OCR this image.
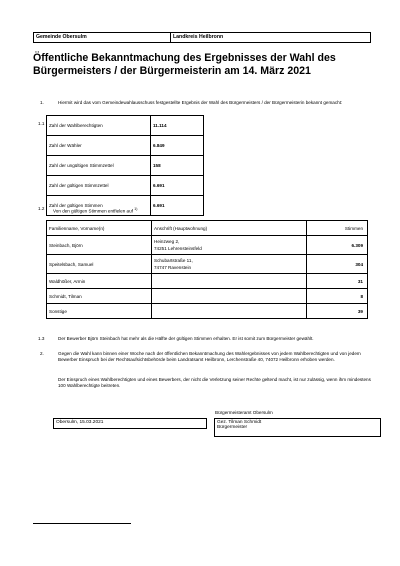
Gemeinde Obersulm	Landkreis Heilbronn
Öffentliche Bekanntmachung des Ergebnisses der Wahl des Bürgermeisters / der Bürgermeisterin am 14. März 2021
1.	Hiermit wird das vom Gemeindewahlausschuss festgestellte Ergebnis der Wahl des Bürgermeisters / der Bürgermeisterin bekannt gemacht:
1.1 Zahl der Wahlberechtigten	11.114
Zahl der Wähler	6.849
Zahl der ungültigen Stimmzettel	158
Zahl der gültigen Stimmzettel	6.691
Zahl der gültigen Stimmen	6.691
1.2
Von den gültigen Stimmen entfielen auf $^{1)}$
Familienname, Vorname(n)	Anschrift (Hauptwohnung)	Stimmen
Steinbach, Björn	Heinzweg 2,
74251 Lehrensteinsfeld	6.309
Speitelsbach, Samuel	Schubartstraße 11,
74747 Ravenstein	304
Waldhößer, Armin		31
Schmidt, Tilman		8
Sonstige		39
1.3	Der Bewerber Björn Steinbach hat mehr als die Hälfte der gültigen Stimmen erhalten. Er ist somit zum Bürgermeister gewählt.
2.	Gegen die Wahl kann binnen einer Woche nach der öffentlichen Bekanntmachung des Wahlergebnisses von jedem Wahlberechtigten und von jedem Bewerber Einspruch bei der Rechtsaufsichtsbehörde beim Landratsamt Heilbronn, Lerchenstraße 40, 74072 Heilbronn erhoben werden.
Der Einspruch eines Wahlberechtigten und eines Bewerbers, der nicht die Verletzung seiner Rechte geltend macht, ist nur zulässig, wenn ihm mindestens 100 Wahlberechtigte beitreten.
Bürgermeisteramt Obersulm
Obersulm, 15.03.2021	Gez. Tilman Schmidt
Bürgermeister
